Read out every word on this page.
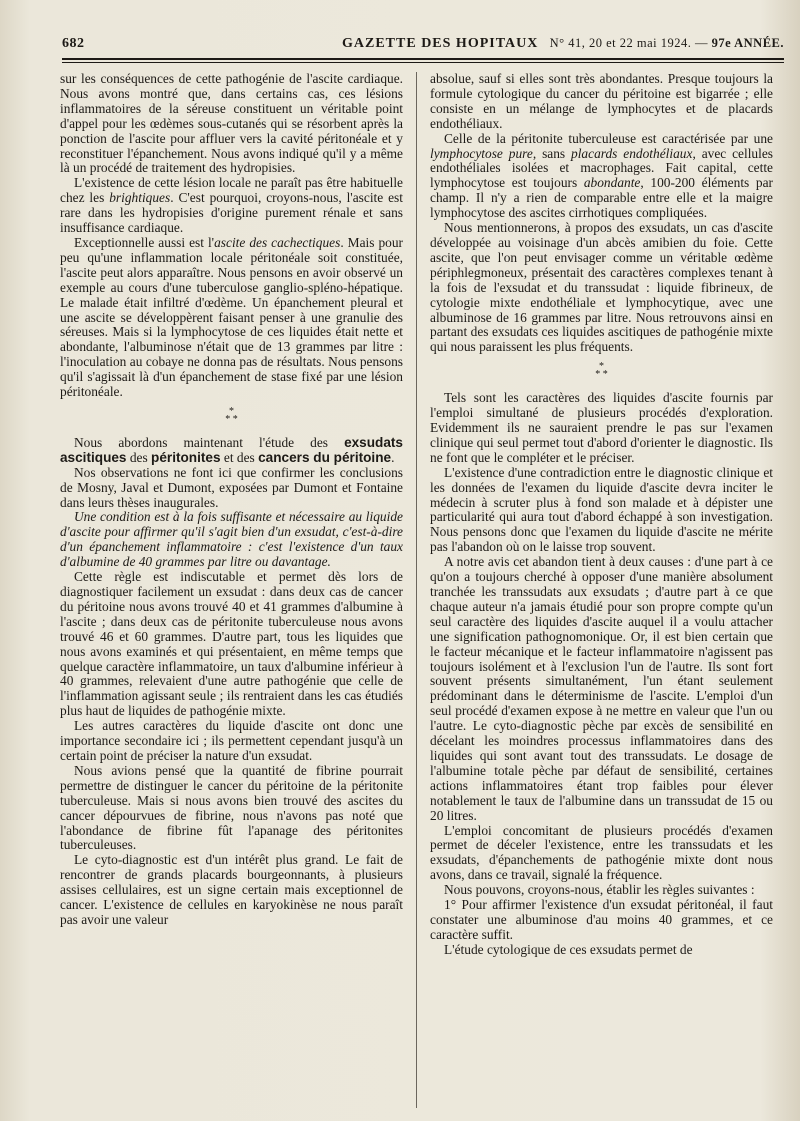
682	GAZETTE DES HOPITAUX N° 41, 20 et 22 mai 1924. — 97e ANNÉE.

sur les conséquences de cette pathogénie de l'ascite cardiaque. Nous avons montré que, dans certains cas, ces lésions inflammatoires de la séreuse constituent un véritable point d'appel pour les œdèmes sous-cutanés qui se résorbent après la ponction de l'ascite pour affluer vers la cavité péritonéale et y reconstituer l'épanchement. Nous avons indiqué qu'il y a même là un procédé de traitement des hydropisies.

L'existence de cette lésion locale ne paraît pas être habituelle chez les brightiques. C'est pourquoi, croyons-nous, l'ascite est rare dans les hydropisies d'origine purement rénale et sans insuffisance cardiaque.

Exceptionnelle aussi est l'ascite des cachectiques. Mais pour peu qu'une inflammation locale péritonéale soit constituée, l'ascite peut alors apparaître. Nous pensons en avoir observé un exemple au cours d'une tuberculose ganglio-spléno-hépatique. Le malade était infiltré d'œdème. Un épanchement pleural et une ascite se développèrent faisant penser à une granulie des séreuses. Mais si la lymphocytose de ces liquides était nette et abondante, l'albuminose n'était que de 13 grammes par litre : l'inoculation au cobaye ne donna pas de résultats. Nous pensons qu'il s'agissait là d'un épanchement de stase fixé par une lésion péritonéale.

*
* *

Nous abordons maintenant l'étude des exsudats ascitiques des péritonites et des cancers du péritoine.

Nos observations ne font ici que confirmer les conclusions de Mosny, Javal et Dumont, exposées par Dumont et Fontaine dans leurs thèses inaugurales.

Une condition est à la fois suffisante et nécessaire au liquide d'ascite pour affirmer qu'il s'agit bien d'un exsudat, c'est-à-dire d'un épanchement inflammatoire : c'est l'existence d'un taux d'albumine de 40 grammes par litre ou davantage.

Cette règle est indiscutable et permet dès lors de diagnostiquer facilement un exsudat : dans deux cas de cancer du péritoine nous avons trouvé 40 et 41 grammes d'albumine à l'ascite ; dans deux cas de péritonite tuberculeuse nous avons trouvé 46 et 60 grammes. D'autre part, tous les liquides que nous avons examinés et qui présentaient, en même temps que quelque caractère inflammatoire, un taux d'albumine inférieur à 40 grammes, relevaient d'une autre pathogénie que celle de l'inflammation agissant seule ; ils rentraient dans les cas étudiés plus haut de liquides de pathogénie mixte.

Les autres caractères du liquide d'ascite ont donc une importance secondaire ici ; ils permettent cependant jusqu'à un certain point de préciser la nature d'un exsudat.

Nous avions pensé que la quantité de fibrine pourrait permettre de distinguer le cancer du péritoine de la péritonite tuberculeuse. Mais si nous avons bien trouvé des ascites du cancer dépourvues de fibrine, nous n'avons pas noté que l'abondance de fibrine fût l'apanage des péritonites tuberculeuses.

Le cyto-diagnostic est d'un intérêt plus grand. Le fait de rencontrer de grands placards bourgeonnants, à plusieurs assises cellulaires, est un signe certain mais exceptionnel de cancer. L'existence de cellules en karyokinèse ne nous paraît pas avoir une valeur

absolue, sauf si elles sont très abondantes. Presque toujours la formule cytologique du cancer du péritoine est bigarrée ; elle consiste en un mélange de lymphocytes et de placards endothéliaux.

Celle de la péritonite tuberculeuse est caractérisée par une lymphocytose pure, sans placards endothéliaux, avec cellules endothéliales isolées et macrophages. Fait capital, cette lymphocytose est toujours abondante, 100-200 éléments par champ. Il n'y a rien de comparable entre elle et la maigre lymphocytose des ascites cirrhotiques compliquées.

Nous mentionnerons, à propos des exsudats, un cas d'ascite développée au voisinage d'un abcès amibien du foie. Cette ascite, que l'on peut envisager comme un véritable œdème périphlegmoneux, présentait des caractères complexes tenant à la fois de l'exsudat et du transsudat : liquide fibrineux, de cytologie mixte endothéliale et lymphocytique, avec une albuminose de 16 grammes par litre. Nous retrouvons ainsi en partant des exsudats ces liquides ascitiques de pathogénie mixte qui nous paraissent les plus fréquents.

*
* *

Tels sont les caractères des liquides d'ascite fournis par l'emploi simultané de plusieurs procédés d'exploration. Evidemment ils ne sauraient prendre le pas sur l'examen clinique qui seul permet tout d'abord d'orienter le diagnostic. Ils ne font que le compléter et le préciser.

L'existence d'une contradiction entre le diagnostic clinique et les données de l'examen du liquide d'ascite devra inciter le médecin à scruter plus à fond son malade et à dépister une particularité qui aura tout d'abord échappé à son investigation. Nous pensons donc que l'examen du liquide d'ascite ne mérite pas l'abandon où on le laisse trop souvent.

A notre avis cet abandon tient à deux causes : d'une part à ce qu'on a toujours cherché à opposer d'une manière absolument tranchée les transsudats aux exsudats ; d'autre part à ce que chaque auteur n'a jamais étudié pour son propre compte qu'un seul caractère des liquides d'ascite auquel il a voulu attacher une signification pathognomonique. Or, il est bien certain que le facteur mécanique et le facteur inflammatoire n'agissent pas toujours isolément et à l'exclusion l'un de l'autre. Ils sont fort souvent présents simultanément, l'un étant seulement prédominant dans le déterminisme de l'ascite. L'emploi d'un seul procédé d'examen expose à ne mettre en valeur que l'un ou l'autre. Le cyto-diagnostic pèche par excès de sensibilité en décelant les moindres processus inflammatoires dans des liquides qui sont avant tout des transsudats. Le dosage de l'albumine totale pèche par défaut de sensibilité, certaines actions inflammatoires étant trop faibles pour élever notablement le taux de l'albumine dans un transsudat de 15 ou 20 litres.

L'emploi concomitant de plusieurs procédés d'examen permet de déceler l'existence, entre les transsudats et les exsudats, d'épanchements de pathogénie mixte dont nous avons, dans ce travail, signalé la fréquence.

Nous pouvons, croyons-nous, établir les règles suivantes :

1° Pour affirmer l'existence d'un exsudat péritonéal, il faut constater une albuminose d'au moins 40 grammes, et ce caractère suffit.

L'étude cytologique de ces exsudats permet de
